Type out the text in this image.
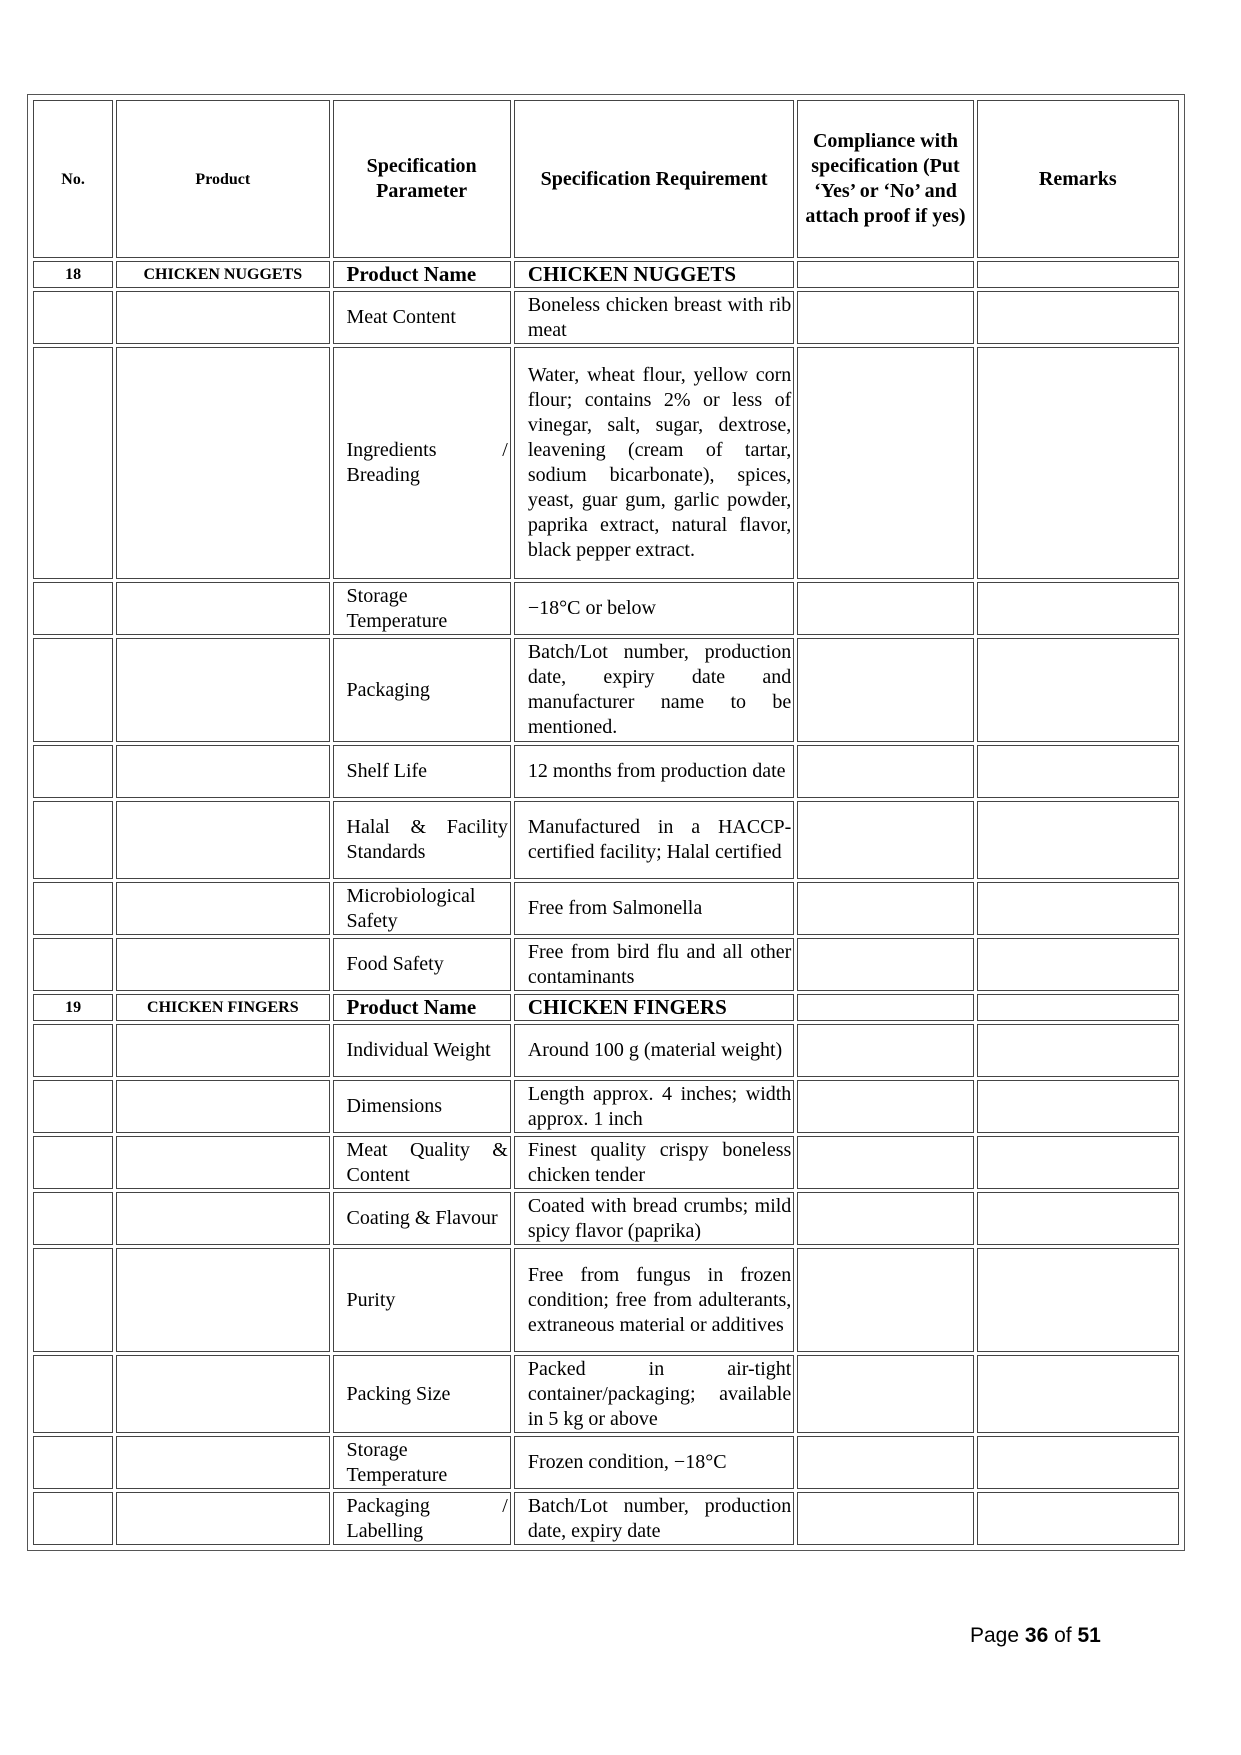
No.	Product	Specification Parameter	Specification Requirement	Compliance with specification (Put ‘Yes’ or ‘No’ and attach proof if yes)	Remarks
18	CHICKEN NUGGETS	Product Name	CHICKEN NUGGETS		
		Meat Content	Boneless chicken breast with rib meat		
		Ingredients / Breading	Water, wheat flour, yellow corn flour; contains 2% or less of vinegar, salt, sugar, dextrose, leavening (cream of tartar, sodium bicarbonate), spices, yeast, guar gum, garlic powder, paprika extract, natural flavor, black pepper extract.		
		Storage Temperature	−18°C or below		
		Packaging	Batch/Lot number, production date, expiry date and manufacturer name to be mentioned.		
		Shelf Life	12 months from production date		
		Halal & Facility Standards	Manufactured in a HACCP-certified facility; Halal certified		
		Microbiological Safety	Free from Salmonella		
		Food Safety	Free from bird flu and all other contaminants		
19	CHICKEN FINGERS	Product Name	CHICKEN FINGERS		
		Individual Weight	Around 100 g (material weight)		
		Dimensions	Length approx. 4 inches; width approx. 1 inch		
		Meat Quality & Content	Finest quality crispy boneless chicken tender		
		Coating & Flavour	Coated with bread crumbs; mild spicy flavor (paprika)		
		Purity	Free from fungus in frozen condition; free from adulterants, extraneous material or additives		
		Packing Size	Packed in air-tight container/packaging; available in 5 kg or above		
		Storage Temperature	Frozen condition, −18°C		
		Packaging / Labelling	Batch/Lot number, production date, expiry date		
Page 36 of 51
